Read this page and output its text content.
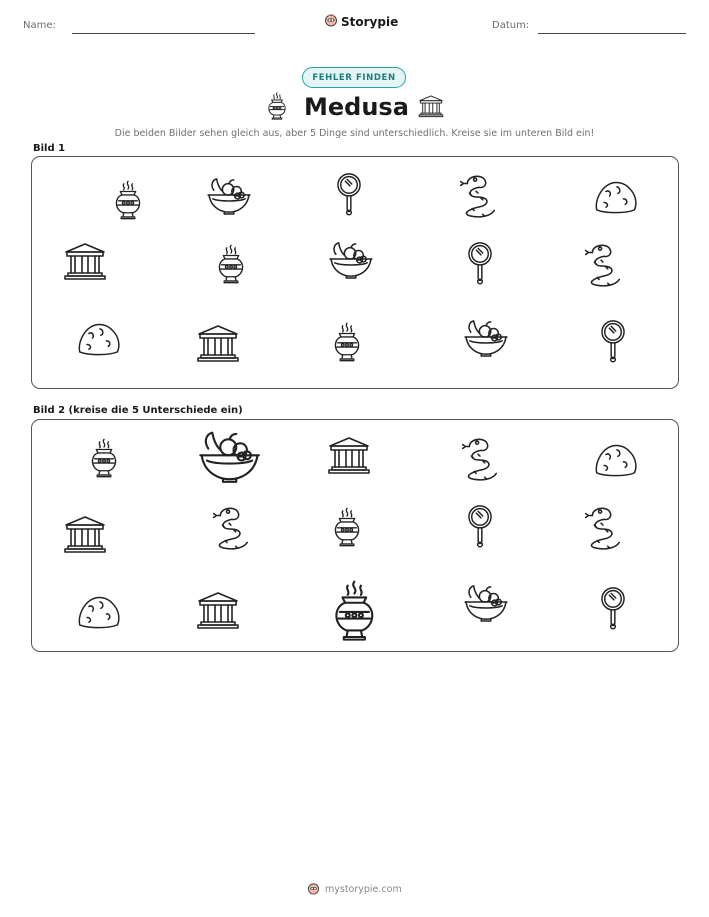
Name:	Storypie	Datum:
FEHLER FINDEN
Medusa
Die beiden Bilder sehen gleich aus, aber 5 Dinge sind unterschiedlich. Kreise sie im unteren Bild ein!
Bild 1
Bild 2 (kreise die 5 Unterschiede ein)
mystorypie.com
